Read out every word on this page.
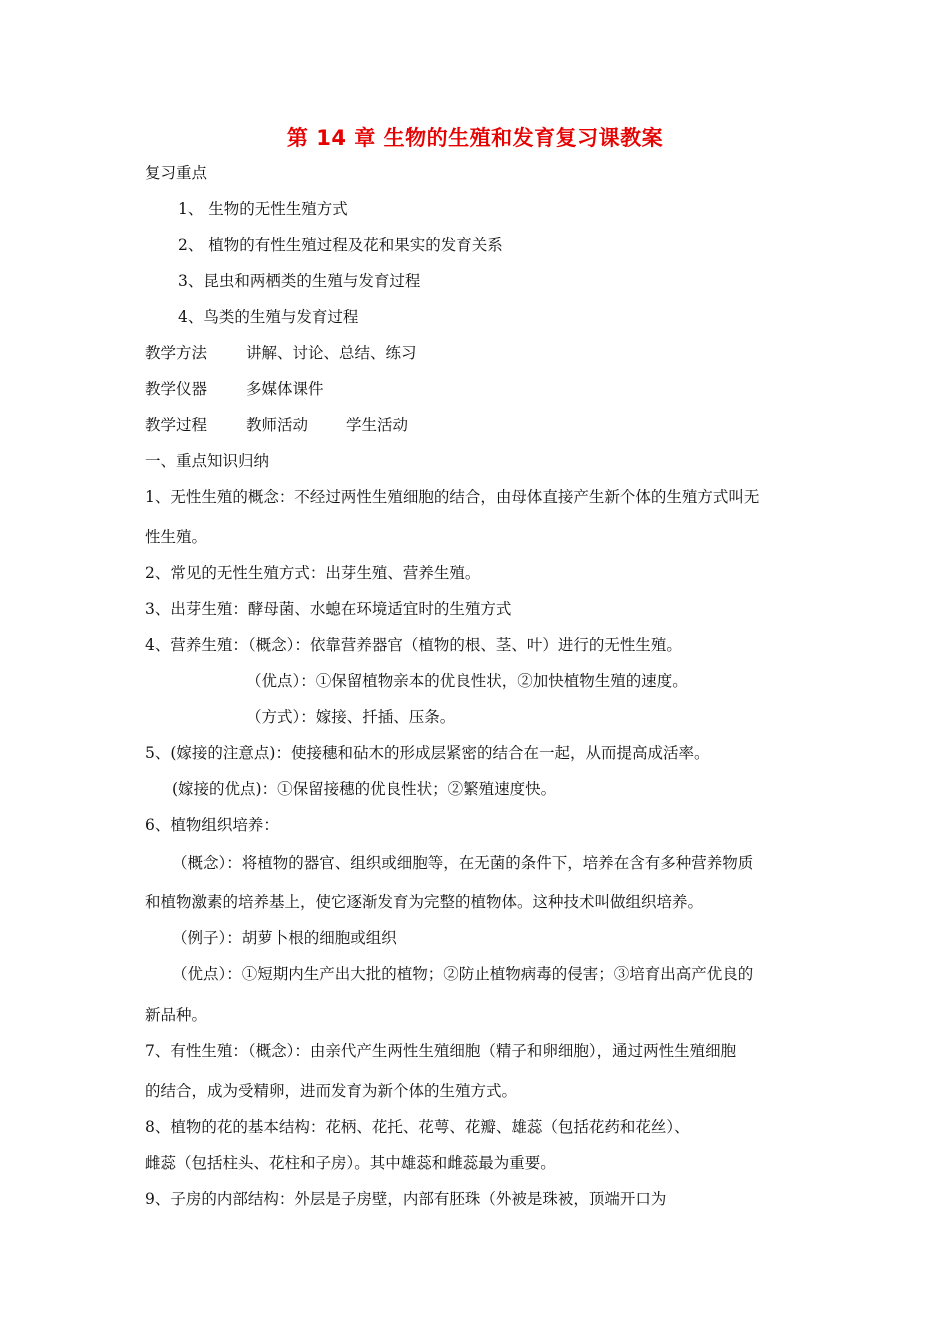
第 14 章 生物的生殖和发育复习课教案
复习重点
1、 生物的无性生殖方式
2、 植物的有性生殖过程及花和果实的发育关系
3、昆虫和两栖类的生殖与发育过程
4、鸟类的生殖与发育过程
教学方法	讲解、讨论、总结、练习
教学仪器	多媒体课件
教学过程	教师活动 学生活动
一、重点知识归纳
1、无性生殖的概念：不经过两性生殖细胞的结合，由母体直接产生新个体的生殖方式叫无
性生殖。
2、常见的无性生殖方式：出芽生殖、营养生殖。
3、出芽生殖：酵母菌、水螅在环境适宜时的生殖方式
4、营养生殖：（概念）：依靠营养器官（植物的根、茎、叶）进行的无性生殖。
（优点）：①保留植物亲本的优良性状，②加快植物生殖的速度。
（方式）：嫁接、扦插、压条。
5、(嫁接的注意点)：使接穗和砧木的形成层紧密的结合在一起，从而提高成活率。
(嫁接的优点)：①保留接穗的优良性状；②繁殖速度快。
6、植物组织培养：
（概念）：将植物的器官、组织或细胞等，在无菌的条件下，培养在含有多种营养物质
和植物激素的培养基上，使它逐渐发育为完整的植物体。这种技术叫做组织培养。
（例子）：胡萝卜根的细胞或组织
（优点）：①短期内生产出大批的植物；②防止植物病毒的侵害；③培育出高产优良的
新品种。
7、有性生殖：（概念）：由亲代产生两性生殖细胞（精子和卵细胞），通过两性生殖细胞
的结合，成为受精卵，进而发育为新个体的生殖方式。
8、植物的花的基本结构：花柄、花托、花萼、花瓣、雄蕊（包括花药和花丝）、
雌蕊（包括柱头、花柱和子房）。其中雄蕊和雌蕊最为重要。
9、子房的内部结构：外层是子房壁，内部有胚珠（外被是珠被，顶端开口为
